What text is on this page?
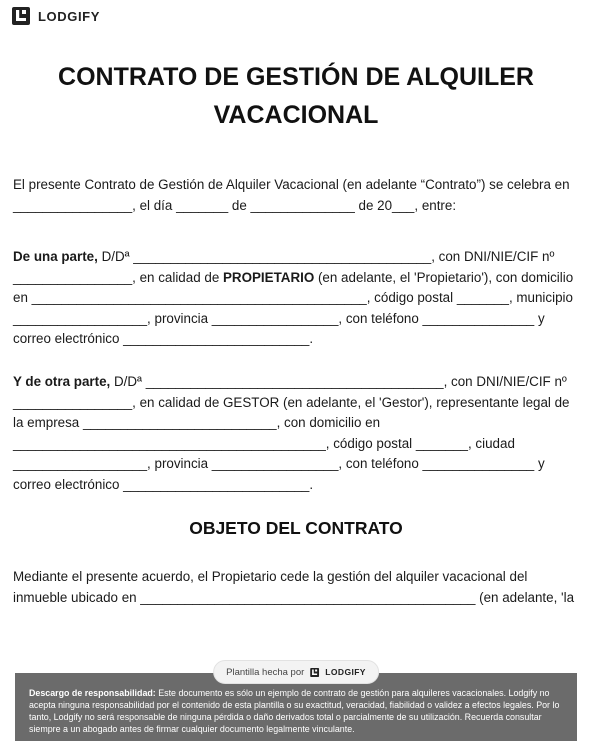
LODGIFY
CONTRATO DE GESTIÓN DE ALQUILER
VACACIONAL

El presente Contrato de Gestión de Alquiler Vacacional (en adelante “Contrato”) se celebra en ________________, el día _______ de ______________ de 20___, entre:

De una parte, D/Dª ________________________________________, con DNI/NIE/CIF nº ________________, en calidad de PROPIETARIO (en adelante, el 'Propietario'), con domicilio en _____________________________________________, código postal _______, municipio __________________, provincia _________________, con teléfono _______________ y correo electrónico _________________________.

Y de otra parte, D/Dª ________________________________________, con DNI/NIE/CIF nº ________________, en calidad de GESTOR (en adelante, el 'Gestor'), representante legal de la empresa __________________________, con domicilio en __________________________________________, código postal _______, ciudad __________________, provincia _________________, con teléfono _______________ y correo electrónico _________________________.

OBJETO DEL CONTRATO

Mediante el presente acuerdo, el Propietario cede la gestión del alquiler vacacional del inmueble ubicado en _____________________________________________ (en adelante, 'la

Plantilla hecha por LODGIFY
Descargo de responsabilidad: Este documento es sólo un ejemplo de contrato de gestión para alquileres vacacionales. Lodgify no acepta ninguna responsabilidad por el contenido de esta plantilla o su exactitud, veracidad, fiabilidad o validez a efectos legales. Por lo tanto, Lodgify no será responsable de ninguna pérdida o daño derivados total o parcialmente de su utilización. Recuerda consultar siempre a un abogado antes de firmar cualquier documento legalmente vinculante.
